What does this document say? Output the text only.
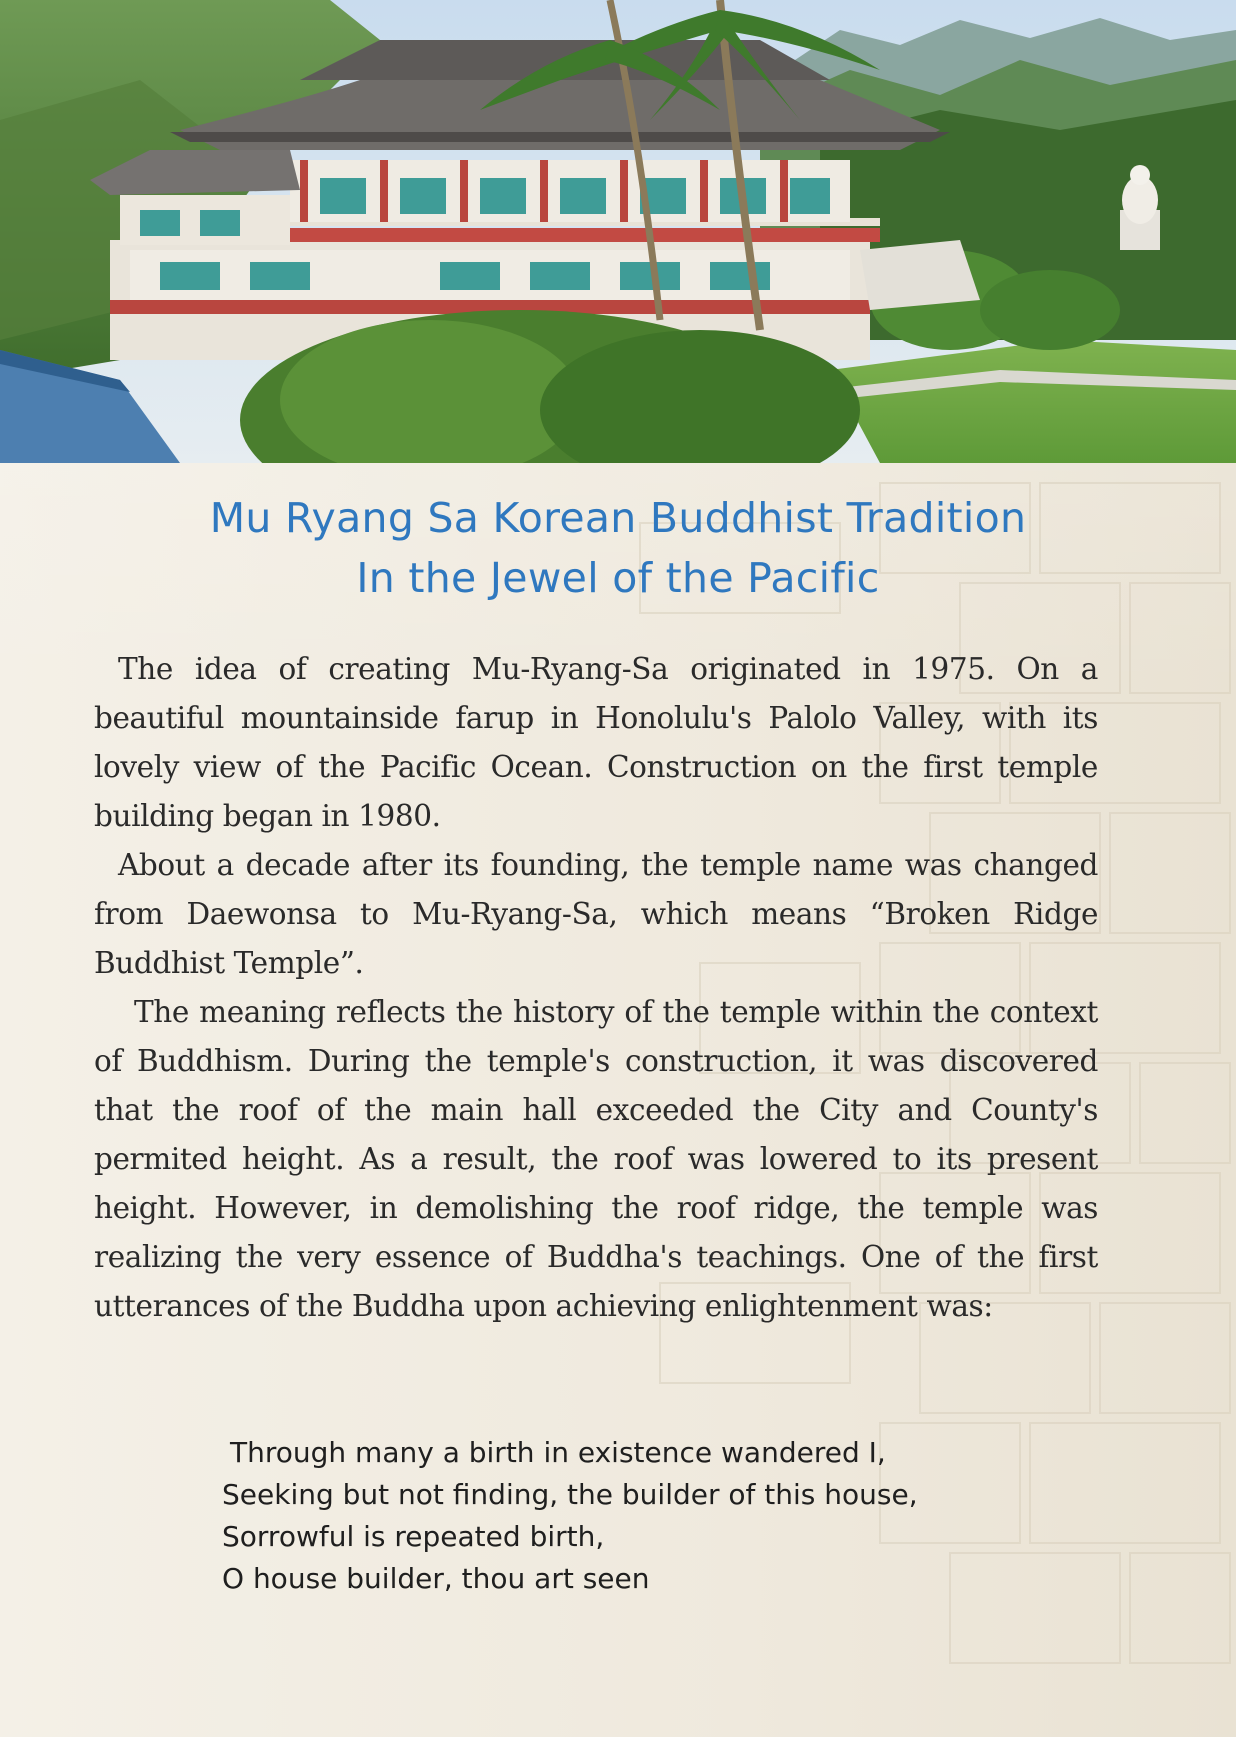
Mu Ryang Sa Korean Buddhist Tradition
In the Jewel of the Pacific

The idea of creating Mu-Ryang-Sa originated in 1975. On a beautiful mountainside farup in Honolulu's Palolo Valley, with its lovely view of the Pacific Ocean. Construction on the first temple building began in 1980.

About a decade after its founding, the temple name was changed from Daewonsa to Mu-Ryang-Sa, which means “Broken Ridge Buddhist Temple”.

The meaning reflects the history of the temple within the context of Buddhism. During the temple's construction, it was discovered that the roof of the main hall exceeded the City and County's permited height. As a result, the roof was lowered to its present height. However, in demolishing the roof ridge, the temple was realizing the very essence of Buddha's teachings. One of the first utterances of the Buddha upon achieving enlightenment was:

Through many a birth in existence wandered I,
Seeking but not finding, the builder of this house,
Sorrowful is repeated birth,
O house builder, thou art seen
